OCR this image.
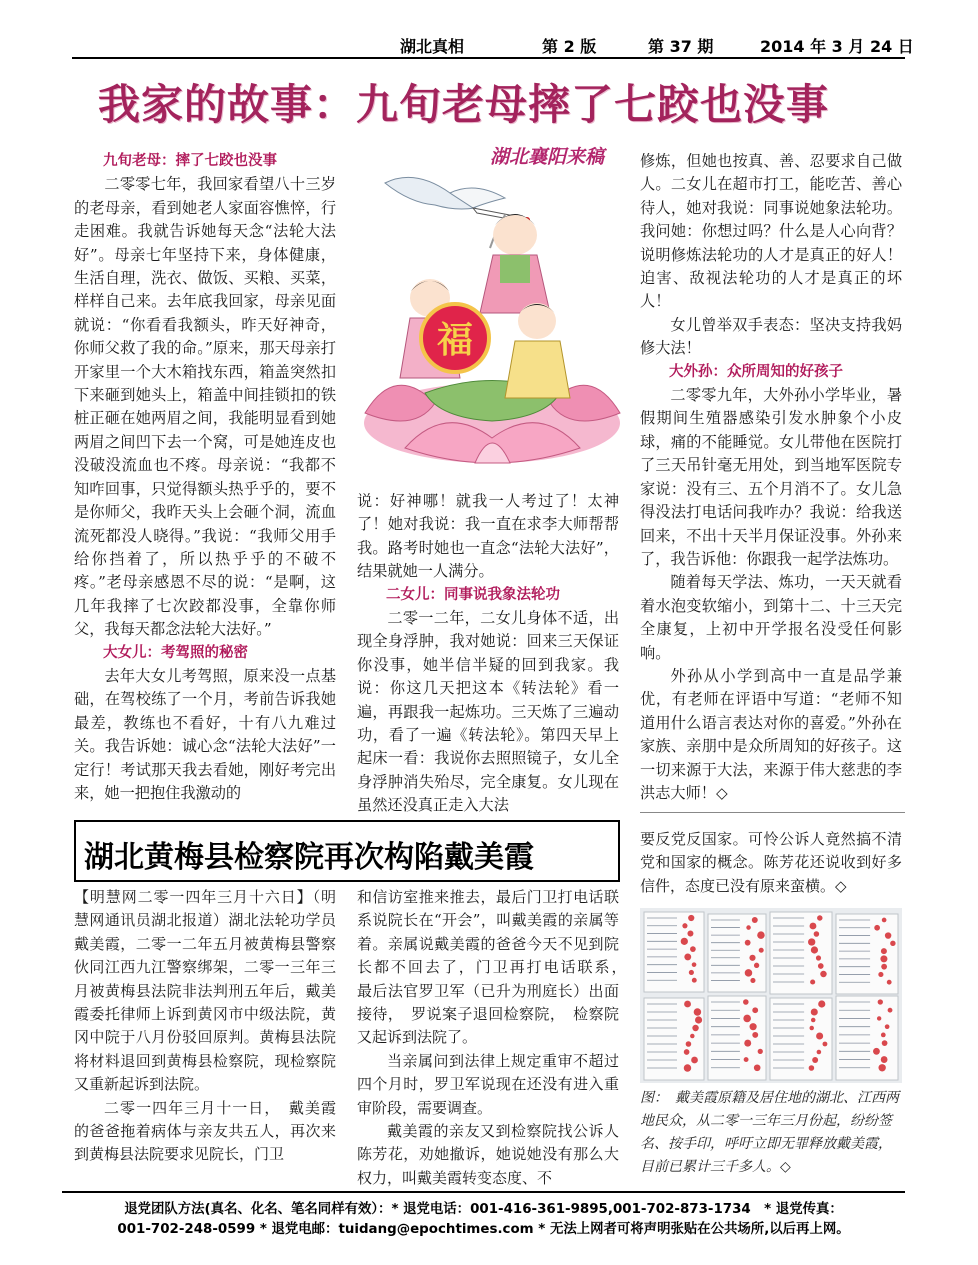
湖北真相	第 2 版	第 37 期	2014 年 3 月 24 日
我家的故事：九旬老母摔了七跤也没事
湖北襄阳来稿
九旬老母：摔了七跤也没事

二零零七年，我回家看望八十三岁的老母亲，看到她老人家面容憔悴，行走困难。我就告诉她每天念“法轮大法好”。母亲七年坚持下来，身体健康，生活自理，洗衣、做饭、买粮、买菜，样样自己来。去年底我回家，母亲见面就说：“你看看我额头，昨天好神奇，你师父救了我的命。”原来，那天母亲打开家里一个大木箱找东西，箱盖突然扣下来砸到她头上，箱盖中间挂锁扣的铁桩正砸在她两眉之间，我能明显看到她两眉之间凹下去一个窝，可是她连皮也没破没流血也不疼。母亲说：“我都不知咋回事，只觉得额头热乎乎的，要不是你师父，我昨天头上会砸个洞，流血流死都没人晓得。”我说：“我师父用手给你挡着了，所以热乎乎的不破不疼。”老母亲感恩不尽的说：“是啊，这几年我摔了七次跤都没事，全靠你师父，我每天都念法轮大法好。”

大女儿：考驾照的秘密

去年大女儿考驾照，原来没一点基础，在驾校练了一个月，考前告诉我她最差，教练也不看好，十有八九难过关。我告诉她：诚心念“法轮大法好”一定行！考试那天我去看她，刚好考完出来，她一把抱住我激动的

福

说：好神哪！就我一人考过了！太神了！她对我说：我一直在求李大师帮帮我。路考时她也一直念“法轮大法好”，结果就她一人满分。

二女儿：同事说我象法轮功

二零一二年，二女儿身体不适，出现全身浮肿，我对她说：回来三天保证你没事，她半信半疑的回到我家。我说：你这几天把这本《转法轮》看一遍，再跟我一起炼功。三天炼了三遍动功，看了一遍《转法轮》。第四天早上起床一看：我说你去照照镜子，女儿全身浮肿消失殆尽，完全康复。女儿现在虽然还没真正走入大法

修炼，但她也按真、善、忍要求自己做人。二女儿在超市打工，能吃苦、善心待人，她对我说：同事说她象法轮功。我问她：你想过吗？什么是人心向背？说明修炼法轮功的人才是真正的好人！迫害、敌视法轮功的人才是真正的坏人！

女儿曾举双手表态：坚决支持我妈修大法！

大外孙：众所周知的好孩子

二零零九年，大外孙小学毕业，暑假期间生殖器感染引发水肿象个小皮球，痛的不能睡觉。女儿带他在医院打了三天吊针毫无用处，到当地军医院专家说：没有三、五个月消不了。女儿急得没法打电话问我咋办？我说：给我送回来，不出十天半月保证没事。外孙来了，我告诉他：你跟我一起学法炼功。

随着每天学法、炼功，一天天就看着水泡变软缩小，到第十二、十三天完全康复，上初中开学报名没受任何影响。

外孙从小学到高中一直是品学兼优，有老师在评语中写道：“老师不知道用什么语言表达对你的喜爱。”外孙在家族、亲朋中是众所周知的好孩子。这一切来源于大法，来源于伟大慈悲的李洪志大师！◇

湖北黄梅县检察院再次构陷戴美霞

【明慧网二零一四年三月十六日】（明慧网通讯员湖北报道）湖北法轮功学员戴美霞，二零一二年五月被黄梅县警察伙同江西九江警察绑架，二零一三年三月被黄梅县法院非法判刑五年后，戴美霞委托律师上诉到黄冈市中级法院，黄冈中院于八月份驳回原判。黄梅县法院将材料退回到黄梅县检察院，现检察院又重新起诉到法院。

二零一四年三月十一日，　戴美霞的爸爸拖着病体与亲友共五人，再次来到黄梅县法院要求见院长，门卫

和信访室推来推去，最后门卫打电话联系说院长在“开会”，叫戴美霞的亲属等着。亲属说戴美霞的爸爸今天不见到院长都不回去了，门卫再打电话联系，　最后法官罗卫军（已升为刑庭长）出面接待，　罗说案子退回检察院，　检察院又起诉到法院了。

当亲属问到法律上规定重审不超过四个月时，罗卫军说现在还没有进入重审阶段，需要调查。

戴美霞的亲友又到检察院找公诉人陈芳花，劝她撤诉，她说她没有那么大权力，叫戴美霞转变态度、不

要反党反国家。可怜公诉人竟然搞不清党和国家的概念。陈芳花还说收到好多信件，态度已没有原来蛮横。◇

图：　戴美霞原籍及居住地的湖北、江西两地民众，从二零一三年三月份起，纷纷签名、按手印，呼吁立即无罪释放戴美霞，目前已累计三千多人。◇
退党团队方法(真名、化名、笔名同样有效）：* 退党电话：001-416-361-9895,001-702-873-1734　* 退党传真：
001-702-248-0599 * 退党电邮：tuidang@epochtimes.com * 无法上网者可将声明张贴在公共场所,以后再上网。
